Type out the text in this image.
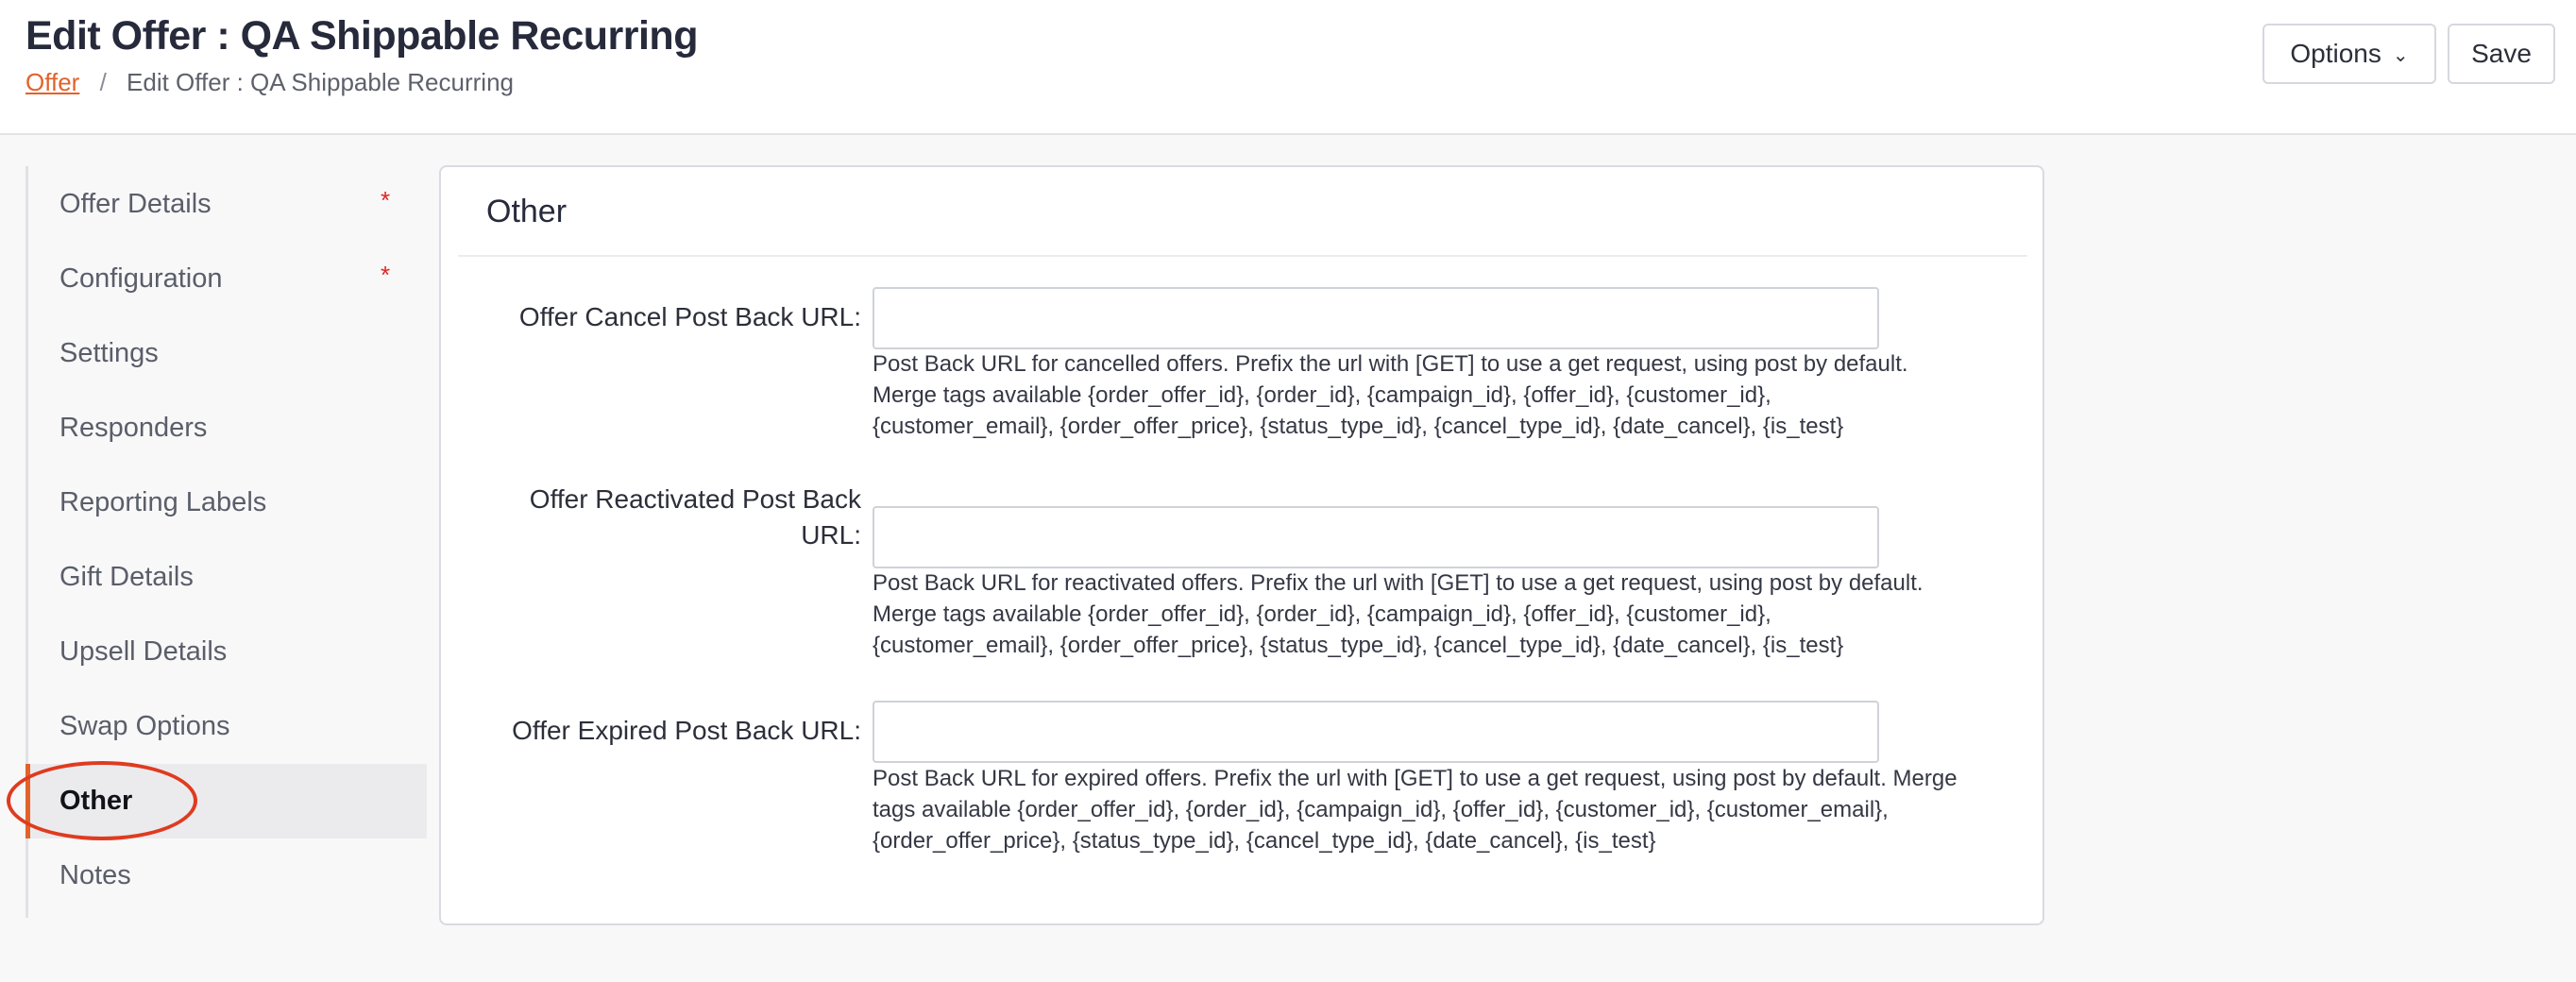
Edit Offer : QA Shippable Recurring
Offer / Edit Offer : QA Shippable Recurring
Options ⌄ Save
Offer Details	*
Configuration	*
Settings
Responders
Reporting Labels
Gift Details
Upsell Details
Swap Options
Other
Notes
Other
Offer Cancel Post Back URL:
Post Back URL for cancelled offers. Prefix the url with [GET] to use a get request, using post by default.
Merge tags available {order_offer_id}, {order_id}, {campaign_id}, {offer_id}, {customer_id},
{customer_email}, {order_offer_price}, {status_type_id}, {cancel_type_id}, {date_cancel}, {is_test}
Offer Reactivated Post Back
URL:
Post Back URL for reactivated offers. Prefix the url with [GET] to use a get request, using post by default.
Merge tags available {order_offer_id}, {order_id}, {campaign_id}, {offer_id}, {customer_id},
{customer_email}, {order_offer_price}, {status_type_id}, {cancel_type_id}, {date_cancel}, {is_test}
Offer Expired Post Back URL:
Post Back URL for expired offers. Prefix the url with [GET] to use a get request, using post by default. Merge
tags available {order_offer_id}, {order_id}, {campaign_id}, {offer_id}, {customer_id}, {customer_email},
{order_offer_price}, {status_type_id}, {cancel_type_id}, {date_cancel}, {is_test}
